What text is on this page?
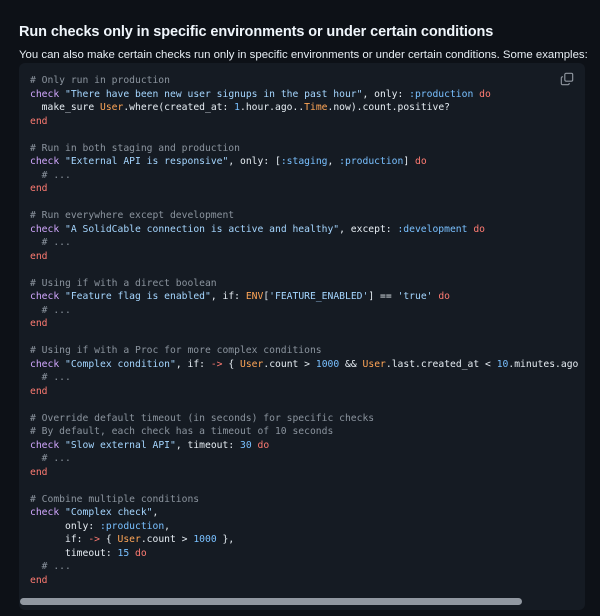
Run checks only in specific environments or under certain conditions

You can also make certain checks run only in specific environments or under certain conditions. Some examples:

# Only run in production
check "There have been new user signups in the past hour", only: :production do
make_sure User.where(created_at: 1.hour.ago..Time.now).count.positive?
end
# Run in both staging and production
check "External API is responsive", only: [:staging, :production] do
# ...
end
# Run everywhere except development
check "A SolidCable connection is active and healthy", except: :development do
# ...
end
# Using if with a direct boolean
check "Feature flag is enabled", if: ENV['FEATURE_ENABLED'] == 'true' do
# ...
end
# Using if with a Proc for more complex conditions
check "Complex condition", if: -> { User.count > 1000 && User.last.created_at < 10.minutes.ago
# ...
end
# Override default timeout (in seconds) for specific checks
# By default, each check has a timeout of 10 seconds
check "Slow external API", timeout: 30 do
# ...
end
# Combine multiple conditions
check "Complex check",
only: :production,
if: -> { User.count > 1000 },
timeout: 15 do
# ...
end
